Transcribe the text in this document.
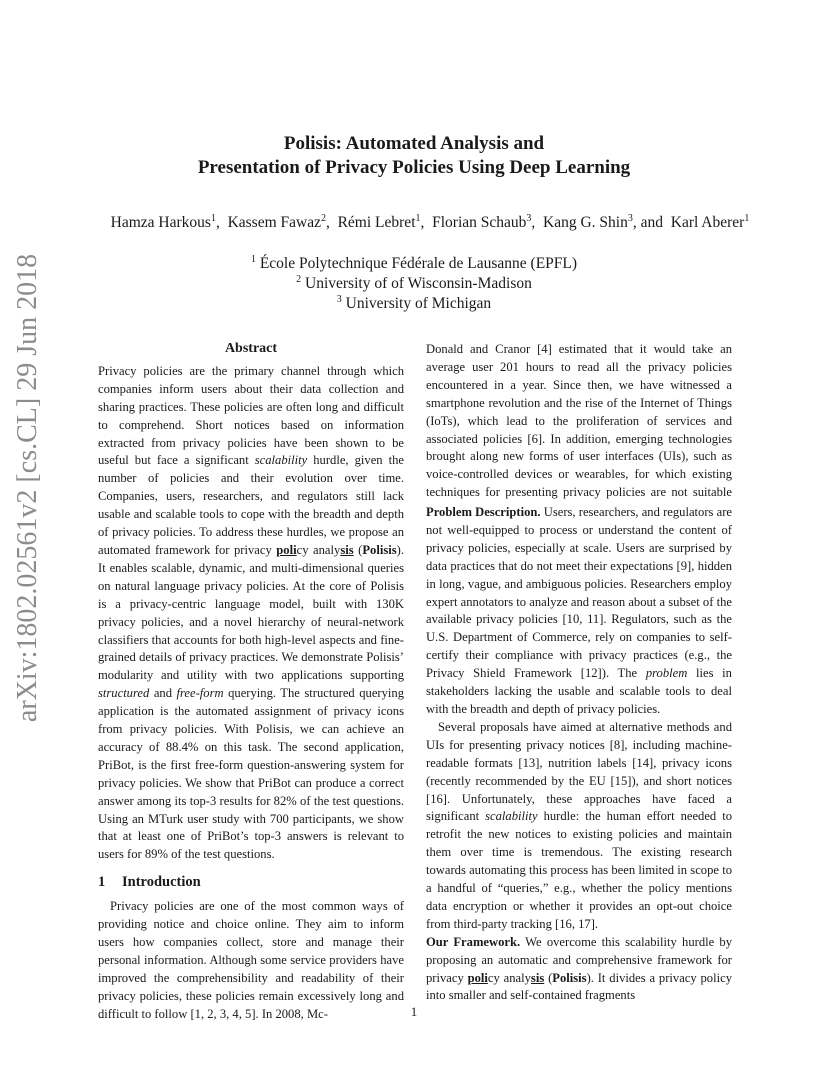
arXiv:1802.02561v2 [cs.CL] 29 Jun 2018
Polisis: Automated Analysis and
Presentation of Privacy Policies Using Deep Learning
Hamza Harkous$^1$,  Kassem Fawaz$^2$,  Rémi Lebret$^1$,  Florian Schaub$^3$,  Kang G. Shin$^3$, and  Karl Aberer$^1$
$^1$ École Polytechnique Fédérale de Lausanne (EPFL)
$^2$ University of of Wisconsin-Madison
$^3$ University of Michigan
Abstract

Privacy policies are the primary channel through which companies inform users about their data collection and sharing practices. These policies are often long and difficult to comprehend. Short notices based on information extracted from privacy policies have been shown to be useful but face a significant scalability hurdle, given the number of policies and their evolution over time. Companies, users, researchers, and regulators still lack usable and scalable tools to cope with the breadth and depth of privacy policies. To address these hurdles, we propose an automated framework for privacy policy analysis (Polisis). It enables scalable, dynamic, and multi-dimensional queries on natural language privacy policies. At the core of Polisis is a privacy-centric language model, built with 130K privacy policies, and a novel hierarchy of neural-network classifiers that accounts for both high-level aspects and fine-grained details of privacy practices. We demonstrate Polisis’ modularity and utility with two applications supporting structured and free-form querying. The structured querying application is the automated assignment of privacy icons from privacy policies. With Polisis, we can achieve an accuracy of 88.4% on this task. The second application, PriBot, is the first free-form question-answering system for privacy policies. We show that PriBot can produce a correct answer among its top-3 results for 82% of the test questions. Using an MTurk user study with 700 participants, we show that at least one of PriBot’s top-3 answers is relevant to users for 89% of the test questions.

1 Introduction

Privacy policies are one of the most common ways of providing notice and choice online. They aim to inform users how companies collect, store and manage their personal information. Although some service providers have improved the comprehensibility and readability of their privacy policies, these policies remain excessively long and difficult to follow [1, 2, 3, 4, 5]. In 2008, Mc-

Donald and Cranor [4] estimated that it would take an average user 201 hours to read all the privacy policies encountered in a year. Since then, we have witnessed a smartphone revolution and the rise of the Internet of Things (IoTs), which lead to the proliferation of services and associated policies [6]. In addition, emerging technologies brought along new forms of user interfaces (UIs), such as voice-controlled devices or wearables, for which existing techniques for presenting privacy policies are not suitable

Problem Description. Users, researchers, and regulators are not well-equipped to process or understand the content of privacy policies, especially at scale. Users are surprised by data practices that do not meet their expectations [9], hidden in long, vague, and ambiguous policies. Researchers employ expert annotators to analyze and reason about a subset of the available privacy policies [10, 11]. Regulators, such as the U.S. Department of Commerce, rely on companies to self-certify their compliance with privacy practices (e.g., the Privacy Shield Framework [12]). The problem lies in stakeholders lacking the usable and scalable tools to deal with the breadth and depth of privacy policies.

Several proposals have aimed at alternative methods and UIs for presenting privacy notices [8], including machine-readable formats [13], nutrition labels [14], privacy icons (recently recommended by the EU [15]), and short notices [16]. Unfortunately, these approaches have faced a significant scalability hurdle: the human effort needed to retrofit the new notices to existing policies and maintain them over time is tremendous. The existing research towards automating this process has been limited in scope to a handful of “queries,” e.g., whether the policy mentions data encryption or whether it provides an opt-out choice from third-party tracking [16, 17].

Our Framework. We overcome this scalability hurdle by proposing an automatic and comprehensive framework for privacy policy analysis (Polisis). It divides a privacy policy into smaller and self-contained fragments

1
